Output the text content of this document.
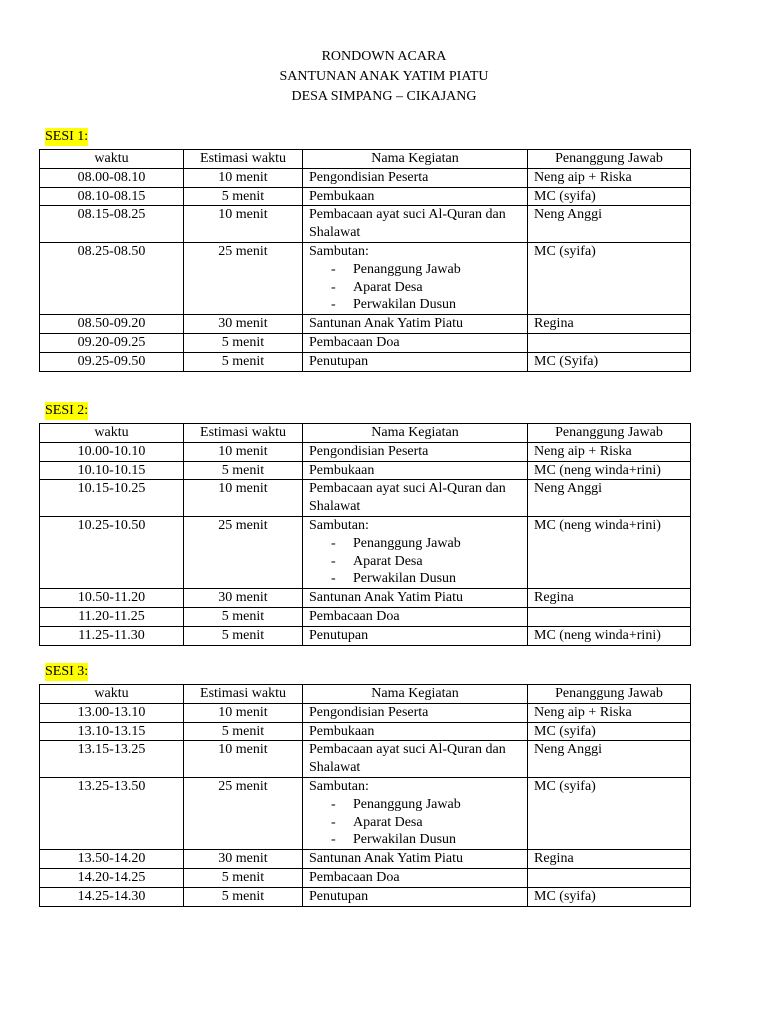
RONDOWN ACARA
SANTUNAN ANAK YATIM PIATU
DESA SIMPANG – CIKAJANG
SESI 1:
waktu	Estimasi waktu	Nama Kegiatan	Penanggung Jawab
08.00-08.10	10 menit	Pengondisian Peserta	Neng aip + Riska
08.10-08.15	5 menit	Pembukaan	MC (syifa)
08.15-08.25	10 menit	Pembacaan ayat suci Al-Quran dan Shalawat	Neng Anggi
08.25-08.50	25 menit	Sambutan:
- Penanggung Jawab
- Aparat Desa
- Perwakilan Dusun	MC (syifa)
08.50-09.20	30 menit	Santunan Anak Yatim Piatu	Regina
09.20-09.25	5 menit	Pembacaan Doa	

09.25-09.50	5 menit	Penutupan	MC (Syifa)
SESI 2:
waktu	Estimasi waktu	Nama Kegiatan	Penanggung Jawab
10.00-10.10	10 menit	Pengondisian Peserta	Neng aip + Riska
10.10-10.15	5 menit	Pembukaan	MC (neng winda+rini)
10.15-10.25	10 menit	Pembacaan ayat suci Al-Quran dan Shalawat	Neng Anggi
10.25-10.50	25 menit	Sambutan:
- Penanggung Jawab
- Aparat Desa
- Perwakilan Dusun	MC (neng winda+rini)
10.50-11.20	30 menit	Santunan Anak Yatim Piatu	Regina
11.20-11.25	5 menit	Pembacaan Doa	

11.25-11.30	5 menit	Penutupan	MC (neng winda+rini)
SESI 3:
waktu	Estimasi waktu	Nama Kegiatan	Penanggung Jawab
13.00-13.10	10 menit	Pengondisian Peserta	Neng aip + Riska
13.10-13.15	5 menit	Pembukaan	MC (syifa)
13.15-13.25	10 menit	Pembacaan ayat suci Al-Quran dan Shalawat	Neng Anggi
13.25-13.50	25 menit	Sambutan:
- Penanggung Jawab
- Aparat Desa
- Perwakilan Dusun	MC (syifa)
13.50-14.20	30 menit	Santunan Anak Yatim Piatu	Regina
14.20-14.25	5 menit	Pembacaan Doa	

14.25-14.30	5 menit	Penutupan	MC (syifa)
